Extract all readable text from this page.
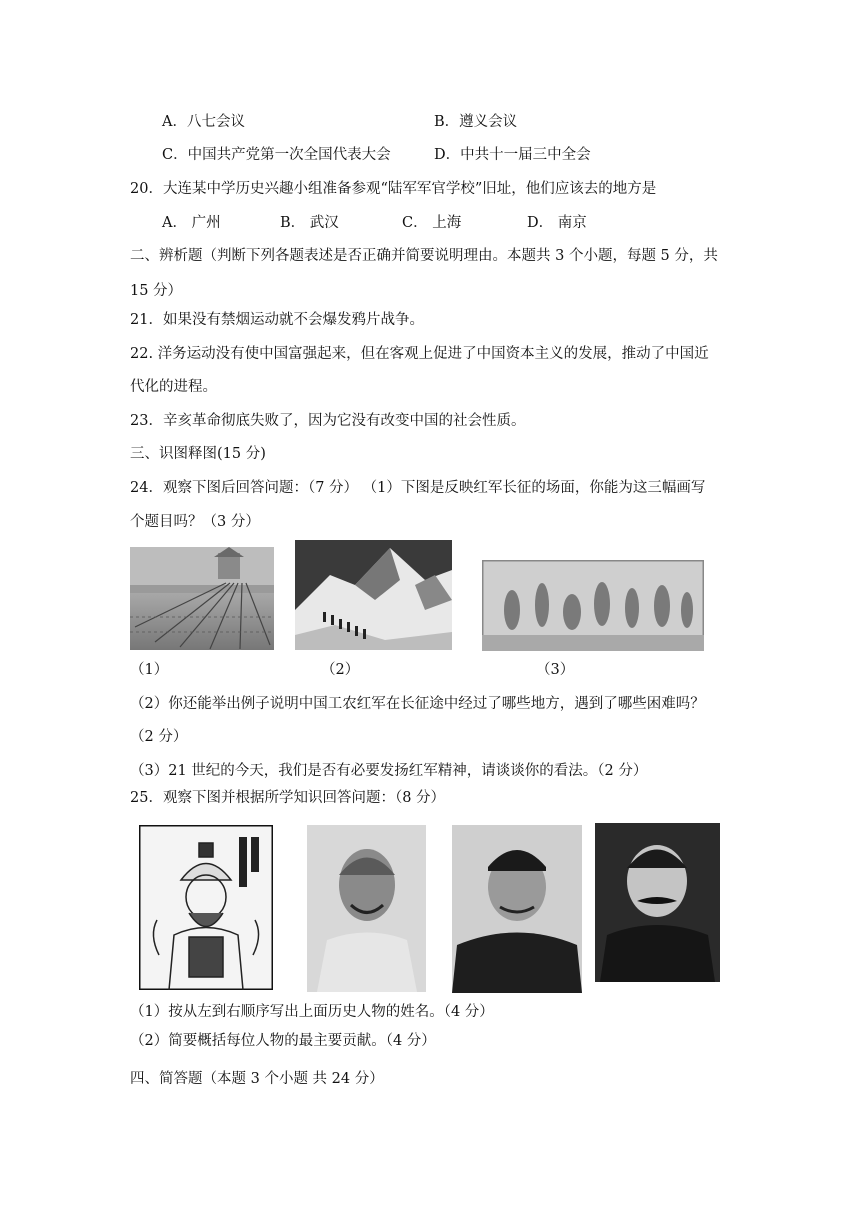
A．八七会议	B．遵义会议
C．中国共产党第一次全国代表大会	D．中共十一届三中全会
20．大连某中学历史兴趣小组准备参观“陆军军官学校”旧址，他们应该去的地方是
A． 广州	B． 武汉	C． 上海	D． 南京
二、辨析题（判断下列各题表述是否正确并简要说明理由。本题共 3 个小题，每题 5 分，共
15 分）
21．如果没有禁烟运动就不会爆发鸦片战争。
22. 洋务运动没有使中国富强起来，但在客观上促进了中国资本主义的发展，推动了中国近
代化的进程。
23．辛亥革命彻底失败了，因为它没有改变中国的社会性质。
三、识图释图(15 分)
24．观察下图后回答问题：（7 分） （1）下图是反映红军长征的场面，你能为这三幅画写
个题目吗？（3 分）
（1）	（2）	（3）
（2）你还能举出例子说明中国工农红军在长征途中经过了哪些地方，遇到了哪些困难吗？
（2 分）
（3）21 世纪的今天，我们是否有必要发扬红军精神，请谈谈你的看法。（2 分）
25．观察下图并根据所学知识回答问题：（8 分）
（1）按从左到右顺序写出上面历史人物的姓名。（4 分）
（2）简要概括每位人物的最主要贡献。（4 分）
四、简答题（本题 3 个小题 共 24 分）
